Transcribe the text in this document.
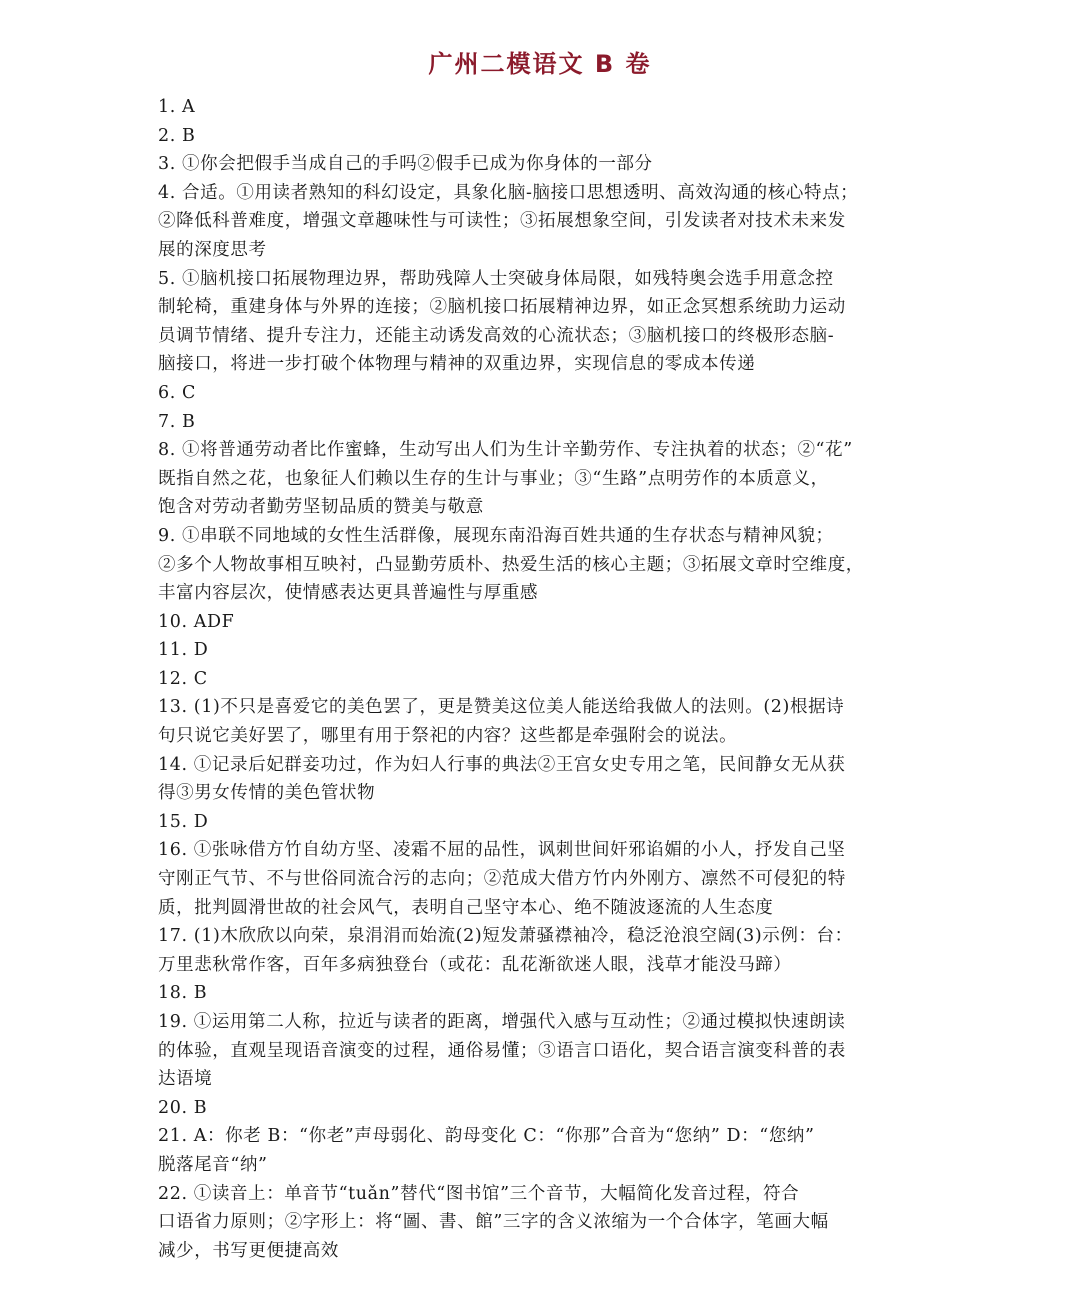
广州二模语文 B 卷
1. A
2. B
3. ①你会把假手当成自己的手吗②假手已成为你身体的一部分
4. 合适。①用读者熟知的科幻设定，具象化脑-脑接口思想透明、高效沟通的核心特点；
②降低科普难度，增强文章趣味性与可读性；③拓展想象空间，引发读者对技术未来发
展的深度思考
5. ①脑机接口拓展物理边界，帮助残障人士突破身体局限，如残特奥会选手用意念控
制轮椅，重建身体与外界的连接；②脑机接口拓展精神边界，如正念冥想系统助力运动
员调节情绪、提升专注力，还能主动诱发高效的心流状态；③脑机接口的终极形态脑-
脑接口，将进一步打破个体物理与精神的双重边界，实现信息的零成本传递
6. C
7. B
8. ①将普通劳动者比作蜜蜂，生动写出人们为生计辛勤劳作、专注执着的状态；②“花”
既指自然之花，也象征人们赖以生存的生计与事业；③“生路”点明劳作的本质意义，
饱含对劳动者勤劳坚韧品质的赞美与敬意
9. ①串联不同地域的女性生活群像，展现东南沿海百姓共通的生存状态与精神风貌；
②多个人物故事相互映衬，凸显勤劳质朴、热爱生活的核心主题；③拓展文章时空维度，
丰富内容层次，使情感表达更具普遍性与厚重感
10. ADF
11. D
12. C
13. (1)不只是喜爱它的美色罢了，更是赞美这位美人能送给我做人的法则。(2)根据诗
句只说它美好罢了，哪里有用于祭祀的内容？这些都是牵强附会的说法。
14. ①记录后妃群妾功过，作为妇人行事的典法②王宫女史专用之笔，民间静女无从获
得③男女传情的美色管状物
15. D
16. ①张咏借方竹自幼方坚、凌霜不屈的品性，讽刺世间奸邪谄媚的小人，抒发自己坚
守刚正气节、不与世俗同流合污的志向；②范成大借方竹内外刚方、凛然不可侵犯的特
质，批判圆滑世故的社会风气，表明自己坚守本心、绝不随波逐流的人生态度
17. (1)木欣欣以向荣，泉涓涓而始流(2)短发萧骚襟袖冷，稳泛沧浪空阔(3)示例：台：
万里悲秋常作客，百年多病独登台（或花：乱花渐欲迷人眼，浅草才能没马蹄）
18. B
19. ①运用第二人称，拉近与读者的距离，增强代入感与互动性；②通过模拟快速朗读
的体验，直观呈现语音演变的过程，通俗易懂；③语言口语化，契合语言演变科普的表
达语境
20. B
21. A：你老 B：“你老”声母弱化、韵母变化 C：“你那”合音为“您纳” D：“您纳”
脱落尾音“纳”
22. ①读音上：单音节“tuǎn”替代“图书馆”三个音节，大幅简化发音过程，符合
口语省力原则；②字形上：将“圖、書、館”三字的含义浓缩为一个合体字，笔画大幅
减少，书写更便捷高效
